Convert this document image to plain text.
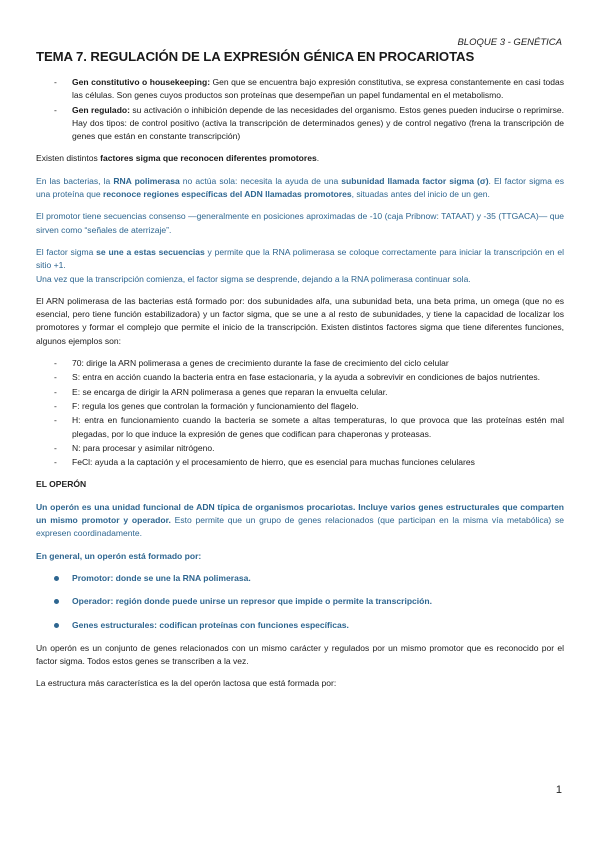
BLOQUE 3 - GENÉTICA
TEMA 7. REGULACIÓN DE LA EXPRESIÓN GÉNICA EN PROCARIOTAS
- Gen constitutivo o housekeeping: Gen que se encuentra bajo expresión constitutiva, se expresa constantemente en casi todas las células. Son genes cuyos productos son proteínas que desempeñan un papel fundamental en el metabolismo.
- Gen regulado: su activación o inhibición depende de las necesidades del organismo. Estos genes pueden inducirse o reprimirse. Hay dos tipos: de control positivo (activa la transcripción de determinados genes) y de control negativo (frena la transcripción de genes que están en constante transcripción)

Existen distintos factores sigma que reconocen diferentes promotores.

En las bacterias, la RNA polimerasa no actúa sola: necesita la ayuda de una subunidad llamada factor sigma (σ). El factor sigma es una proteína que reconoce regiones específicas del ADN llamadas promotores, situadas antes del inicio de un gen.

El promotor tiene secuencias consenso —generalmente en posiciones aproximadas de -10 (caja Pribnow: TATAAT) y -35 (TTGACA)— que sirven como “señales de aterrizaje”.

El factor sigma se une a estas secuencias y permite que la RNA polimerasa se coloque correctamente para iniciar la transcripción en el sitio +1.
Una vez que la transcripción comienza, el factor sigma se desprende, dejando a la RNA polimerasa continuar sola.

El ARN polimerasa de las bacterias está formado por: dos subunidades alfa, una subunidad beta, una beta prima, un omega (que no es esencial, pero tiene función estabilizadora) y un factor sigma, que se une a al resto de subunidades, y tiene la capacidad de localizar los promotores y formar el complejo que permite el inicio de la transcripción. Existen distintos factores sigma que tiene diferentes funciones, algunos ejemplos son:

- 70: dirige la ARN polimerasa a genes de crecimiento durante la fase de crecimiento del ciclo celular
- S: entra en acción cuando la bacteria entra en fase estacionaria, y la ayuda a sobrevivir en condiciones de bajos nutrientes.
- E: se encarga de dirigir la ARN polimerasa a genes que reparan la envuelta celular.
- F: regula los genes que controlan la formación y funcionamiento del flagelo.
- H: entra en funcionamiento cuando la bacteria se somete a altas temperaturas, lo que provoca que las proteínas estén mal plegadas, por lo que induce la expresión de genes que codifican para chaperonas y proteasas.
- N: para procesar y asimilar nitrógeno.
- FeCl: ayuda a la captación y el procesamiento de hierro, que es esencial para muchas funciones celulares
EL OPERÓN

Un operón es una unidad funcional de ADN típica de organismos procariotas. Incluye varios genes estructurales que comparten un mismo promotor y operador. Esto permite que un grupo de genes relacionados (que participan en la misma vía metabólica) se expresen coordinadamente.

En general, un operón está formado por:

Promotor: donde se une la RNA polimerasa.
Operador: región donde puede unirse un represor que impide o permite la transcripción.
Genes estructurales: codifican proteínas con funciones específicas.

Un operón es un conjunto de genes relacionados con un mismo carácter y regulados por un mismo promotor que es reconocido por el factor sigma. Todos estos genes se transcriben a la vez.

La estructura más característica es la del operón lactosa que está formada por:

1
